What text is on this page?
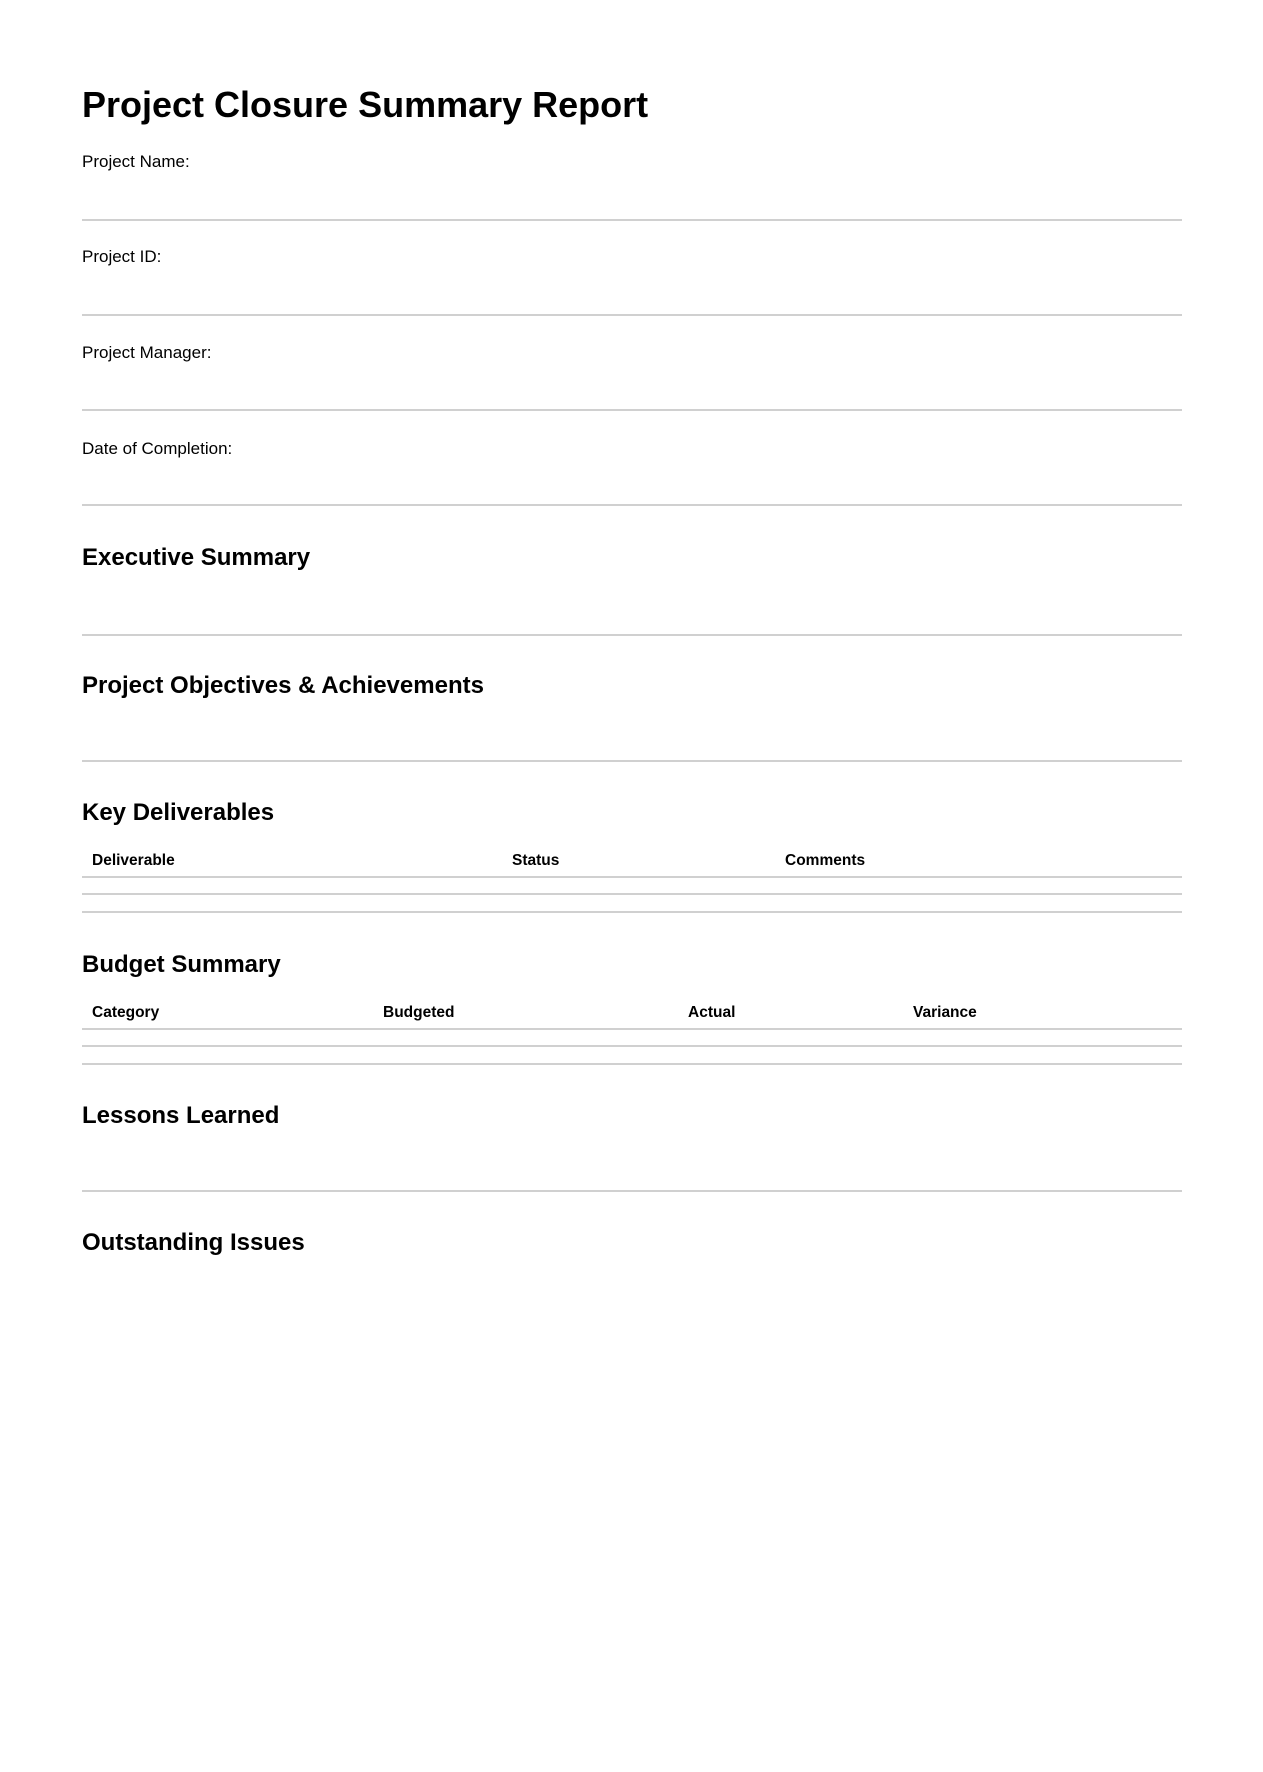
Project Closure Summary Report
Project Name:
Project ID:
Project Manager:
Date of Completion:
Executive Summary
Project Objectives & Achievements
Key Deliverables
Deliverable	Status	Comments

Budget Summary
Category	Budgeted	Actual	Variance

Lessons Learned
Outstanding Issues
